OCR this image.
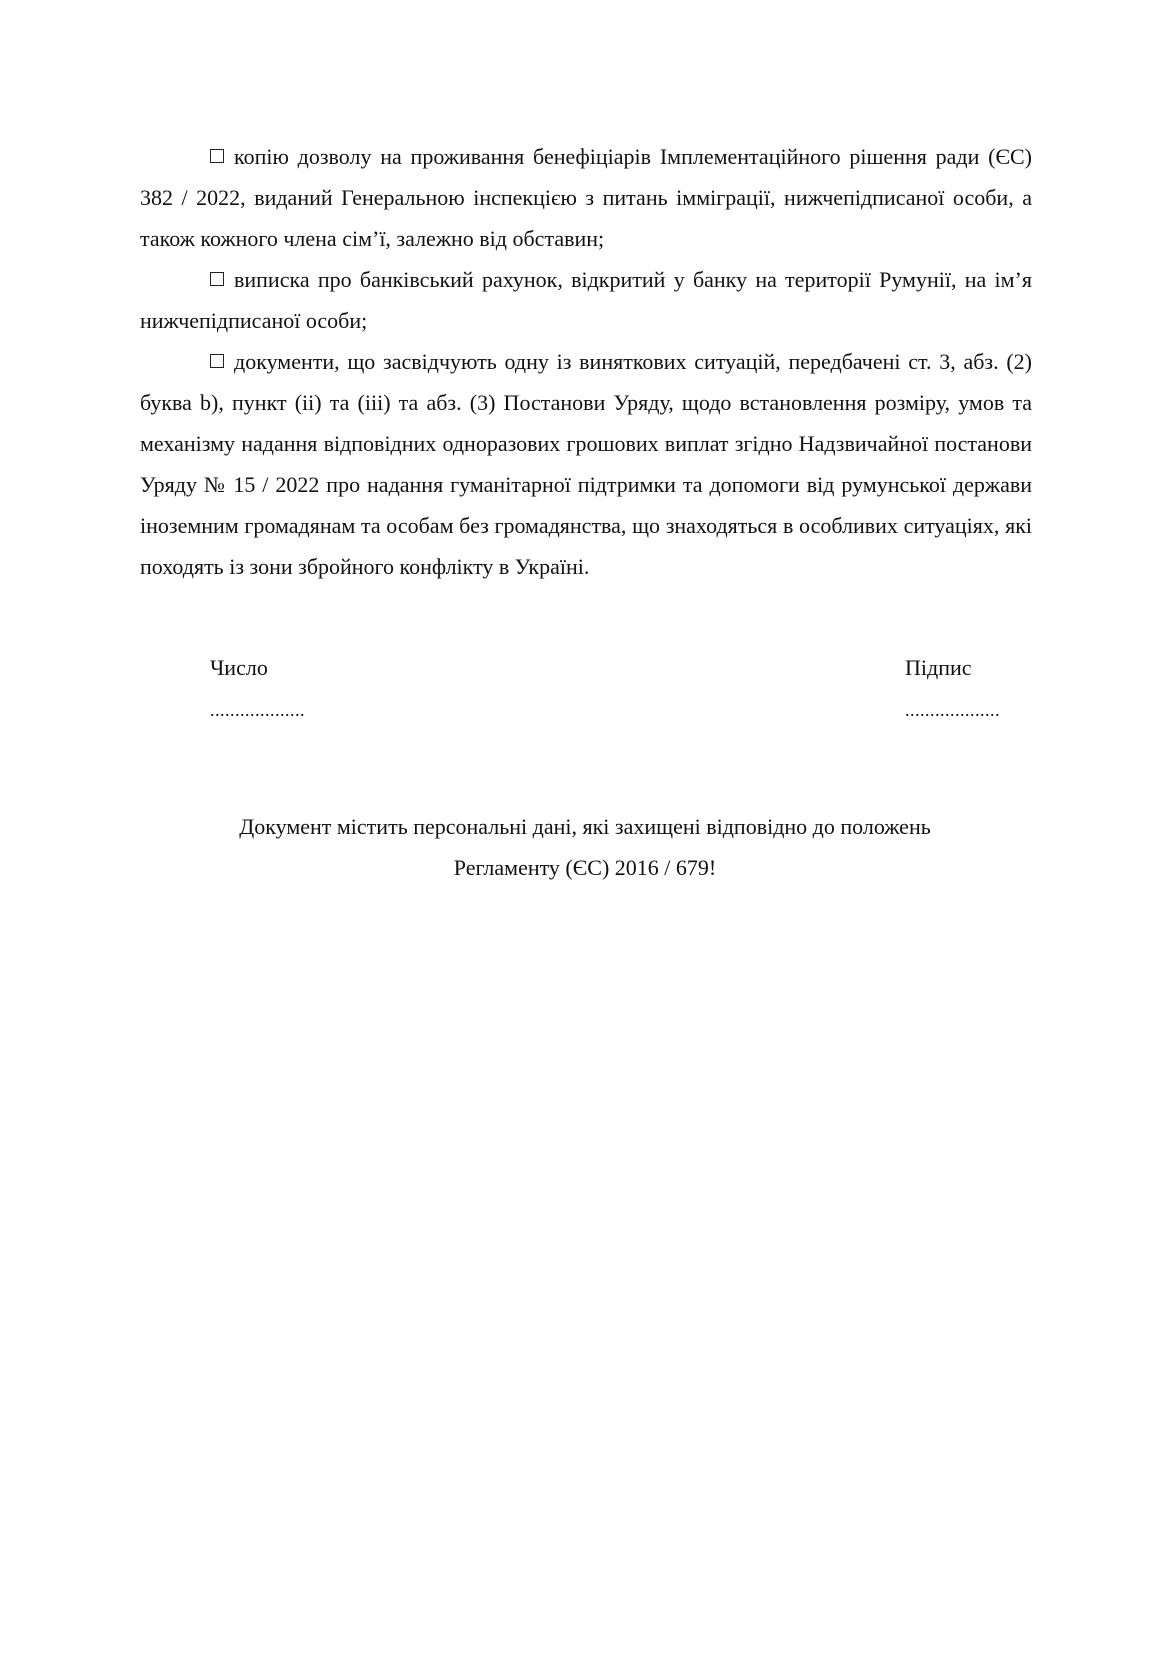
копію дозволу на проживання бенефіціарів Імплементаційного рішення ради (ЄС) 382 / 2022, виданий Генеральною інспекцією з питань імміграції, нижчепідписаної особи, а також кожного члена сім’ї, залежно від обставин;

виписка про банківський рахунок, відкритий у банку на території Румунії, на ім’я нижчепідписаної особи;

документи, що засвідчують одну із виняткових ситуацій, передбачені ст. 3, абз. (2) буква b), пункт (ii) та (iii) та абз. (3) Постанови Уряду, щодо встановлення розміру, умов та механізму надання відповідних одноразових грошових виплат згідно Надзвичайної постанови Уряду № 15 / 2022 про надання гуманітарної підтримки та допомоги від румунської держави іноземним громадянам та особам без громадянства, що знаходяться в особливих ситуаціях, які походять із зони збройного конфлікту в Україні.

Число
...................
Підпис
...................
Документ містить персональні дані, які захищені відповідно до положень
Регламенту (ЄС) 2016 / 679!
